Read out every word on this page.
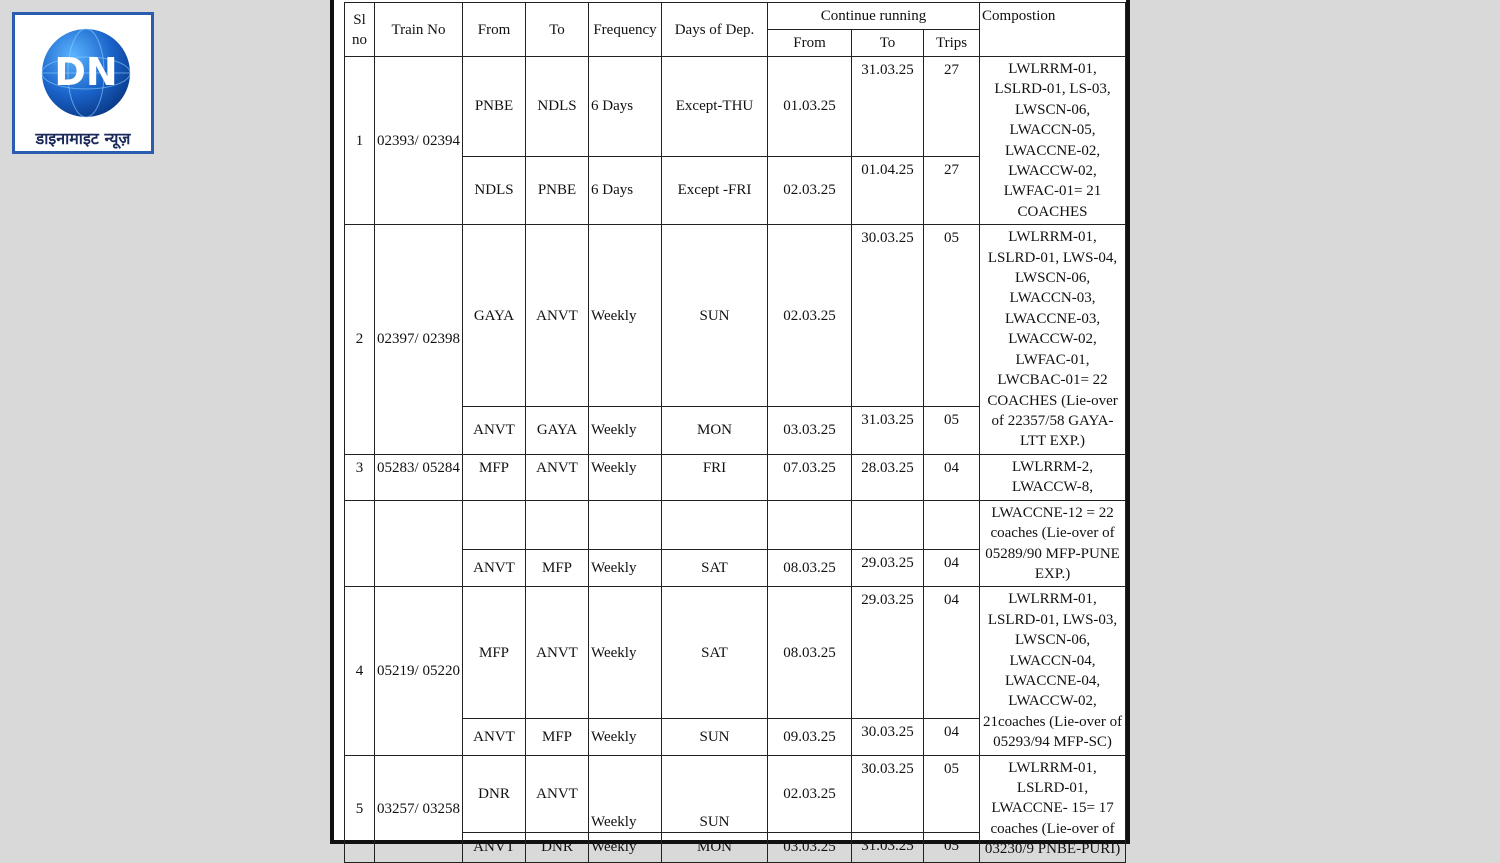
DN
डाइनामाइट न्यूज़
Sl no	Train No	From	To	Frequency	Days of Dep.	Continue running			Compostion
						From	To	Trips	
1	02393/ 02394	PNBE	NDLS	6 Days	Except-THU	01.03.25	31.03.25	27	LWLRRM-01, LSLRD-01, LS-03, LWSCN-06, LWACCN-05, LWACCNE-02, LWACCW-02, LWFAC-01= 21 COACHES
		NDLS	PNBE	6 Days	Except -FRI	02.03.25	01.04.25	27	
2	02397/ 02398	GAYA	ANVT	Weekly	SUN	02.03.25	30.03.25	05	LWLRRM-01, LSLRD-01, LWS-04, LWSCN-06, LWACCN-03, LWACCNE-03, LWACCW-02, LWFAC-01, LWCBAC-01= 22 COACHES (Lie-over of 22357/58 GAYA-LTT EXP.)
		ANVT	GAYA	Weekly	MON	03.03.25	31.03.25	05	
3	05283/ 05284	MFP	ANVT	Weekly	FRI	07.03.25	28.03.25	04	LWLRRM-2, LWACCW-8,
									LWACCNE-12 = 22 coaches (Lie-over of 05289/90 MFP-PUNE EXP.)
		ANVT	MFP	Weekly	SAT	08.03.25	29.03.25	04	
4	05219/ 05220	MFP	ANVT	Weekly	SAT	08.03.25	29.03.25	04	LWLRRM-01, LSLRD-01, LWS-03, LWSCN-06, LWACCN-04, LWACCNE-04, LWACCW-02, 21coaches (Lie-over of 05293/94 MFP-SC)
		ANVT	MFP	Weekly	SUN	09.03.25	30.03.25	04	
5	03257/ 03258	DNR	ANVT	Weekly	SUN	02.03.25	30.03.25	05	LWLRRM-01, LSLRD-01, LWACCNE- 15= 17 coaches (Lie-over of 03230/9 PNBE-PURI)
		ANVT	DNR	Weekly	MON	03.03.25	31.03.25	05	
